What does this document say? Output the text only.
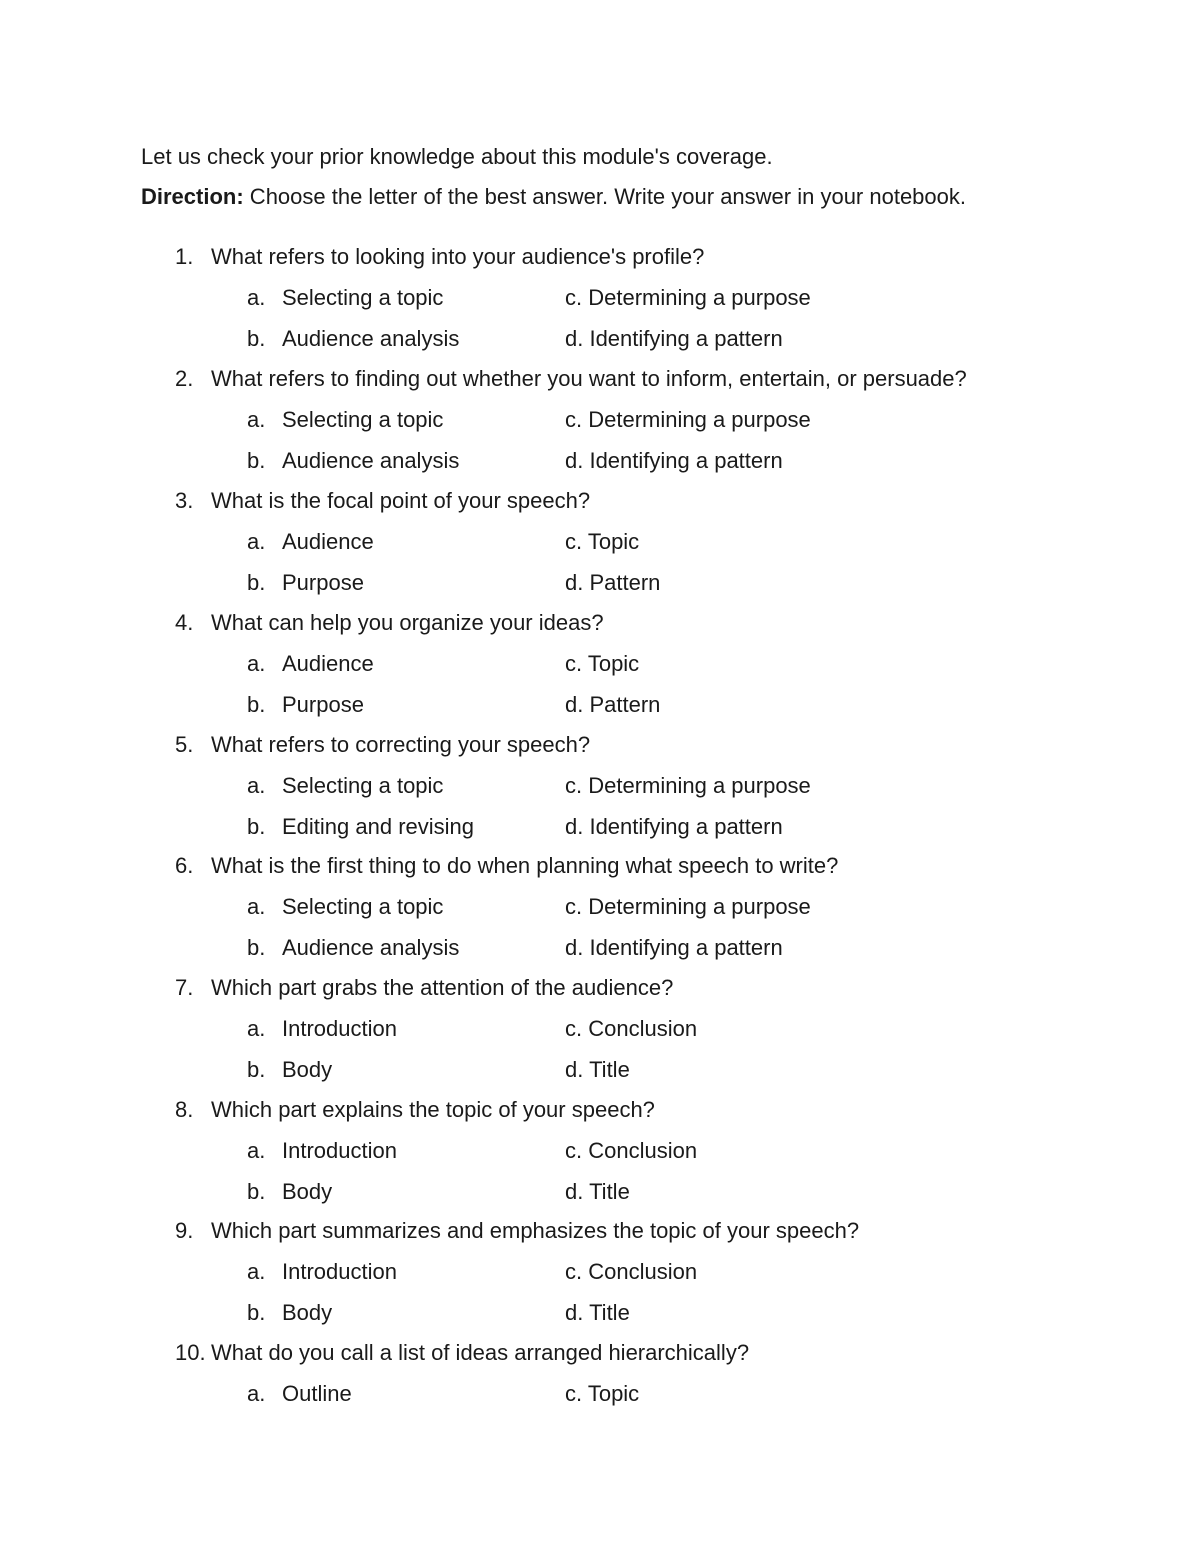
Let us check your prior knowledge about this module's coverage.
Direction: Choose the letter of the best answer. Write your answer in your notebook.
1. What refers to looking into your audience's profile?
a. Selecting a topic	c. Determining a purpose
b. Audience analysis	d. Identifying a pattern
2. What refers to finding out whether you want to inform, entertain, or persuade?
a. Selecting a topic	c. Determining a purpose
b. Audience analysis	d. Identifying a pattern
3. What is the focal point of your speech?
a. Audience	c. Topic
b. Purpose	d. Pattern
4. What can help you organize your ideas?
a. Audience	c. Topic
b. Purpose	d. Pattern
5. What refers to correcting your speech?
a. Selecting a topic	c. Determining a purpose
b. Editing and revising	d. Identifying a pattern
6. What is the first thing to do when planning what speech to write?
a. Selecting a topic	c. Determining a purpose
b. Audience analysis	d. Identifying a pattern
7. Which part grabs the attention of the audience?
a. Introduction	c. Conclusion
b. Body	d. Title
8. Which part explains the topic of your speech?
a. Introduction	c. Conclusion
b. Body	d. Title
9. Which part summarizes and emphasizes the topic of your speech?
a. Introduction	c. Conclusion
b. Body	d. Title
10. What do you call a list of ideas arranged hierarchically?
a. Outline	c. Topic
